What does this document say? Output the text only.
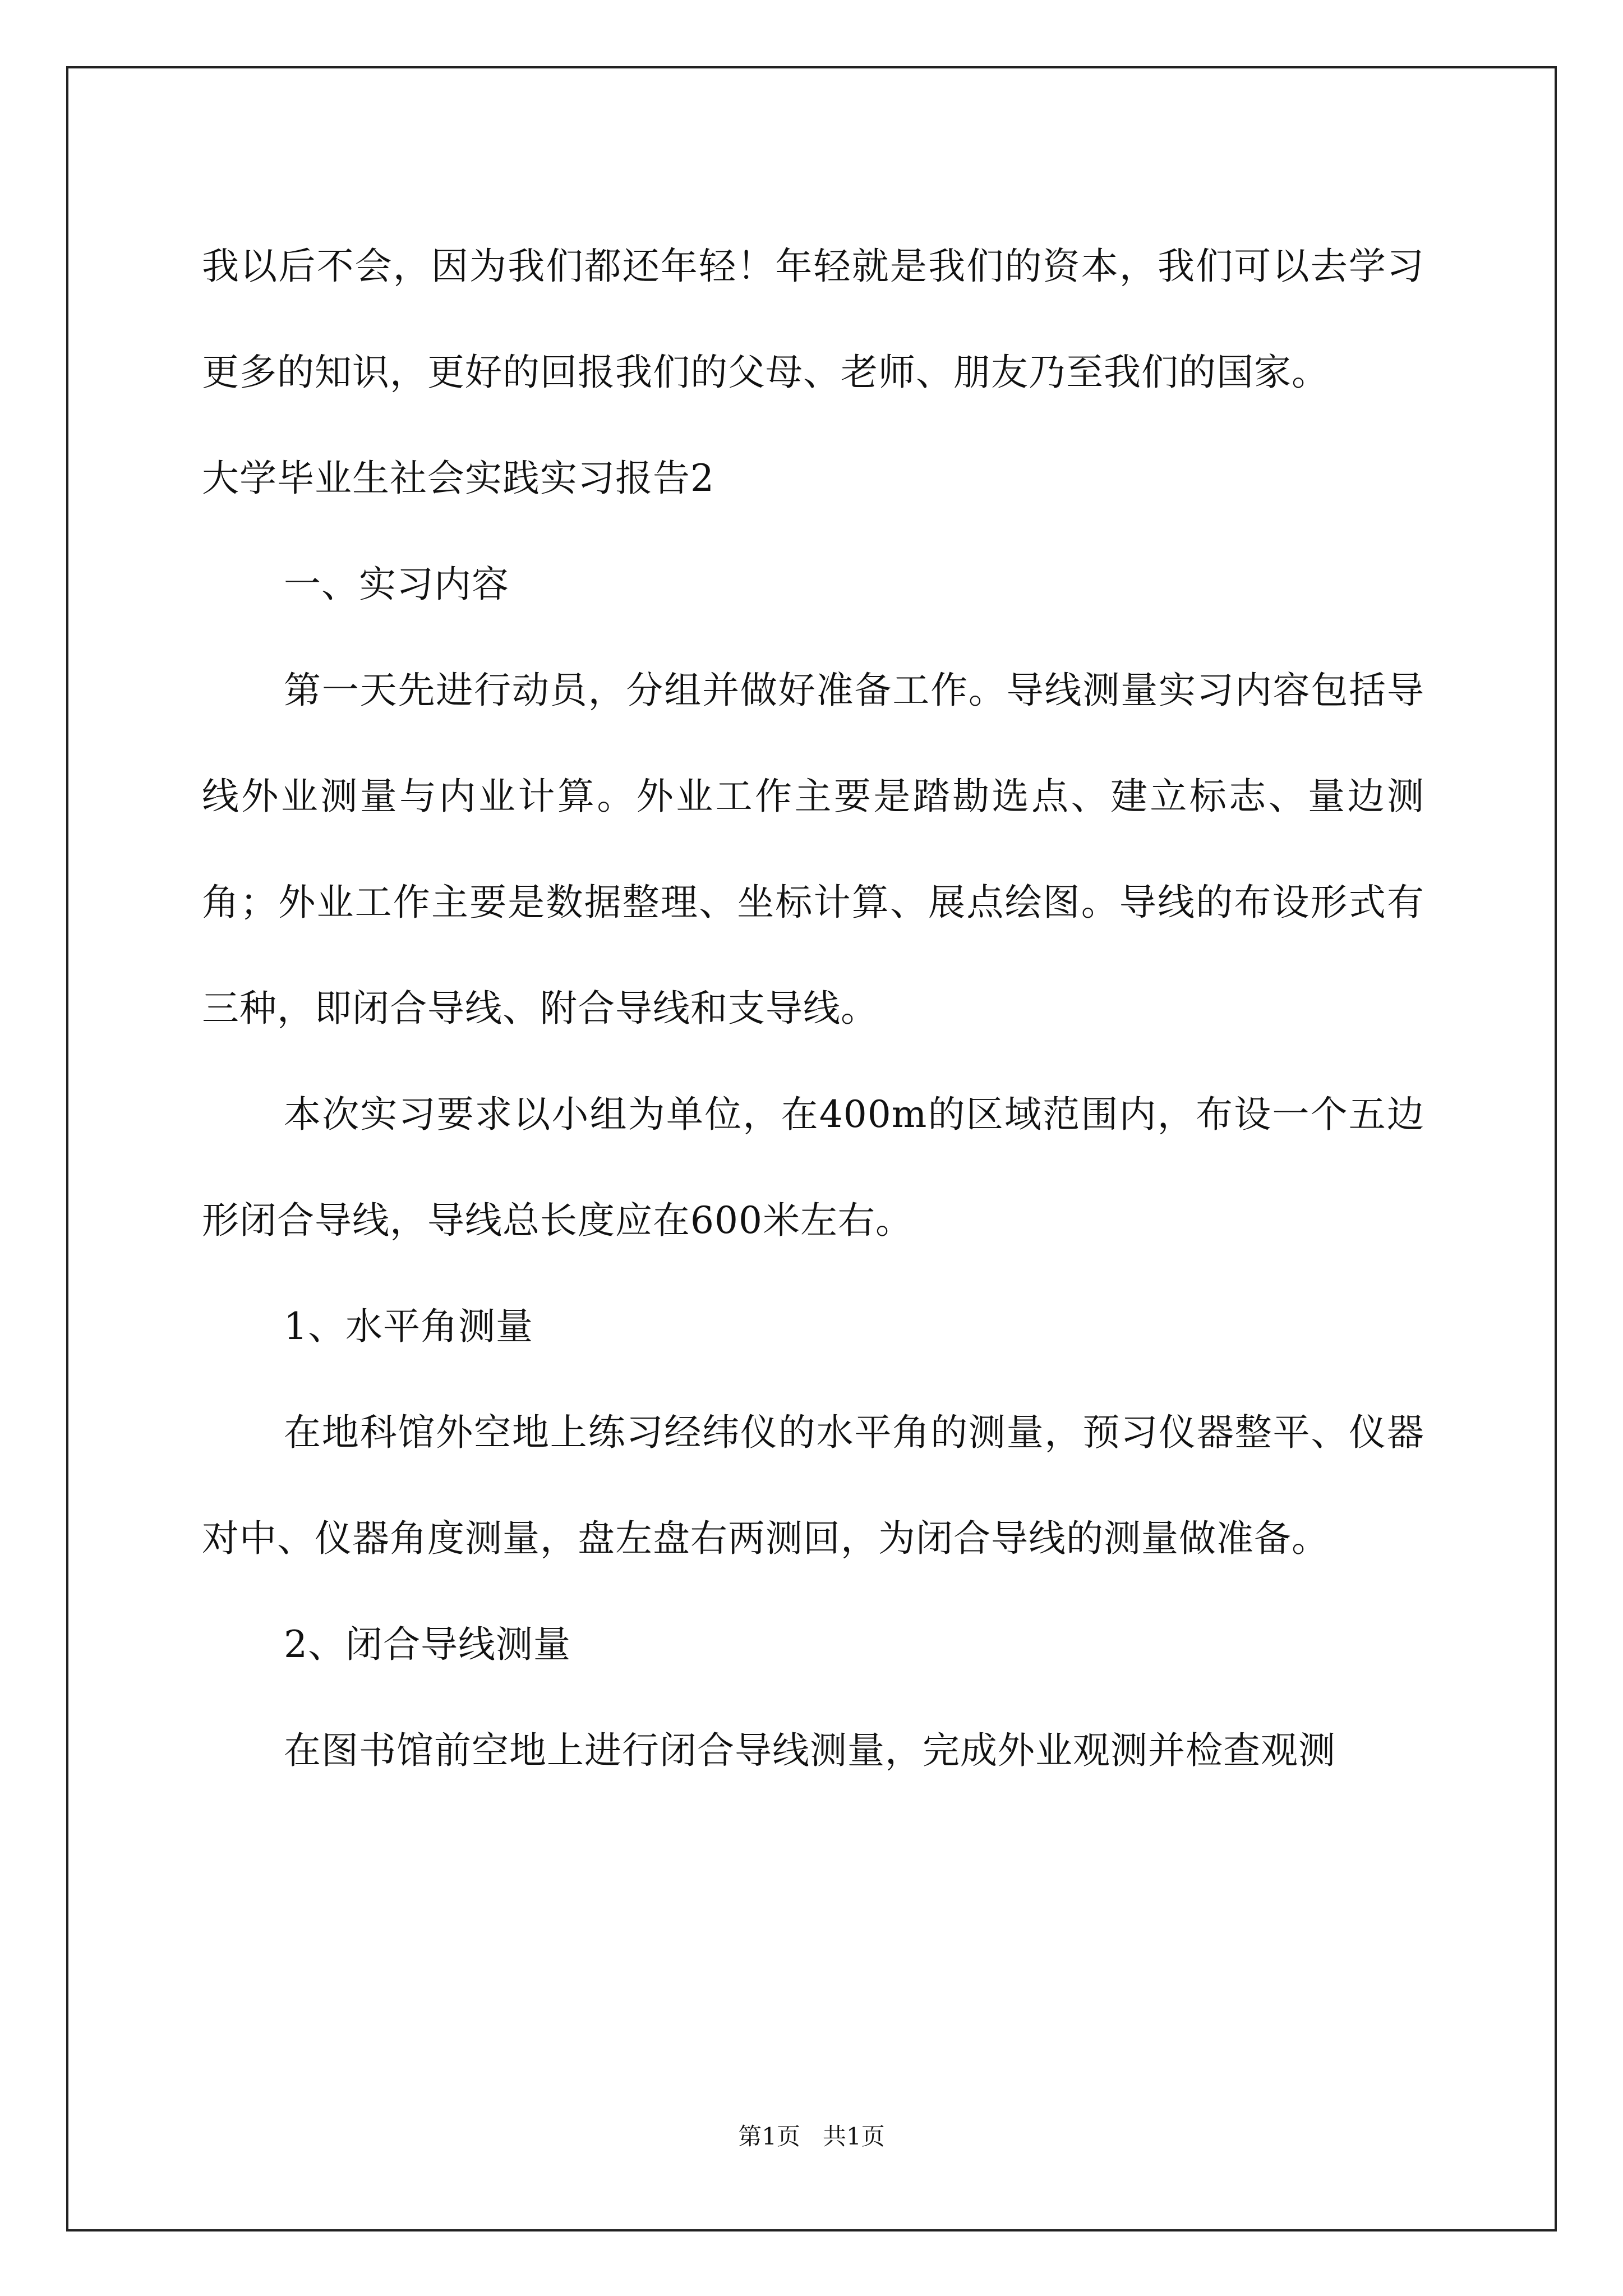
我以后不会，因为我们都还年轻！年轻就是我们的资本，我们可以去学习更多的知识，更好的回报我们的父母、老师、朋友乃至我们的国家。

大学毕业生社会实践实习报告2

一、实习内容

第一天先进行动员，分组并做好准备工作。导线测量实习内容包括导线外业测量与内业计算。外业工作主要是踏勘选点、建立标志、量边测角；外业工作主要是数据整理、坐标计算、展点绘图。导线的布设形式有三种，即闭合导线、附合导线和支导线。

本次实习要求以小组为单位，在400m的区域范围内，布设一个五边形闭合导线，导线总长度应在600米左右。

1、水平角测量

在地科馆外空地上练习经纬仪的水平角的测量，预习仪器整平、仪器对中、仪器角度测量，盘左盘右两测回，为闭合导线的测量做准备。

2、闭合导线测量

在图书馆前空地上进行闭合导线测量，完成外业观测并检查观测

第1页 共1页
